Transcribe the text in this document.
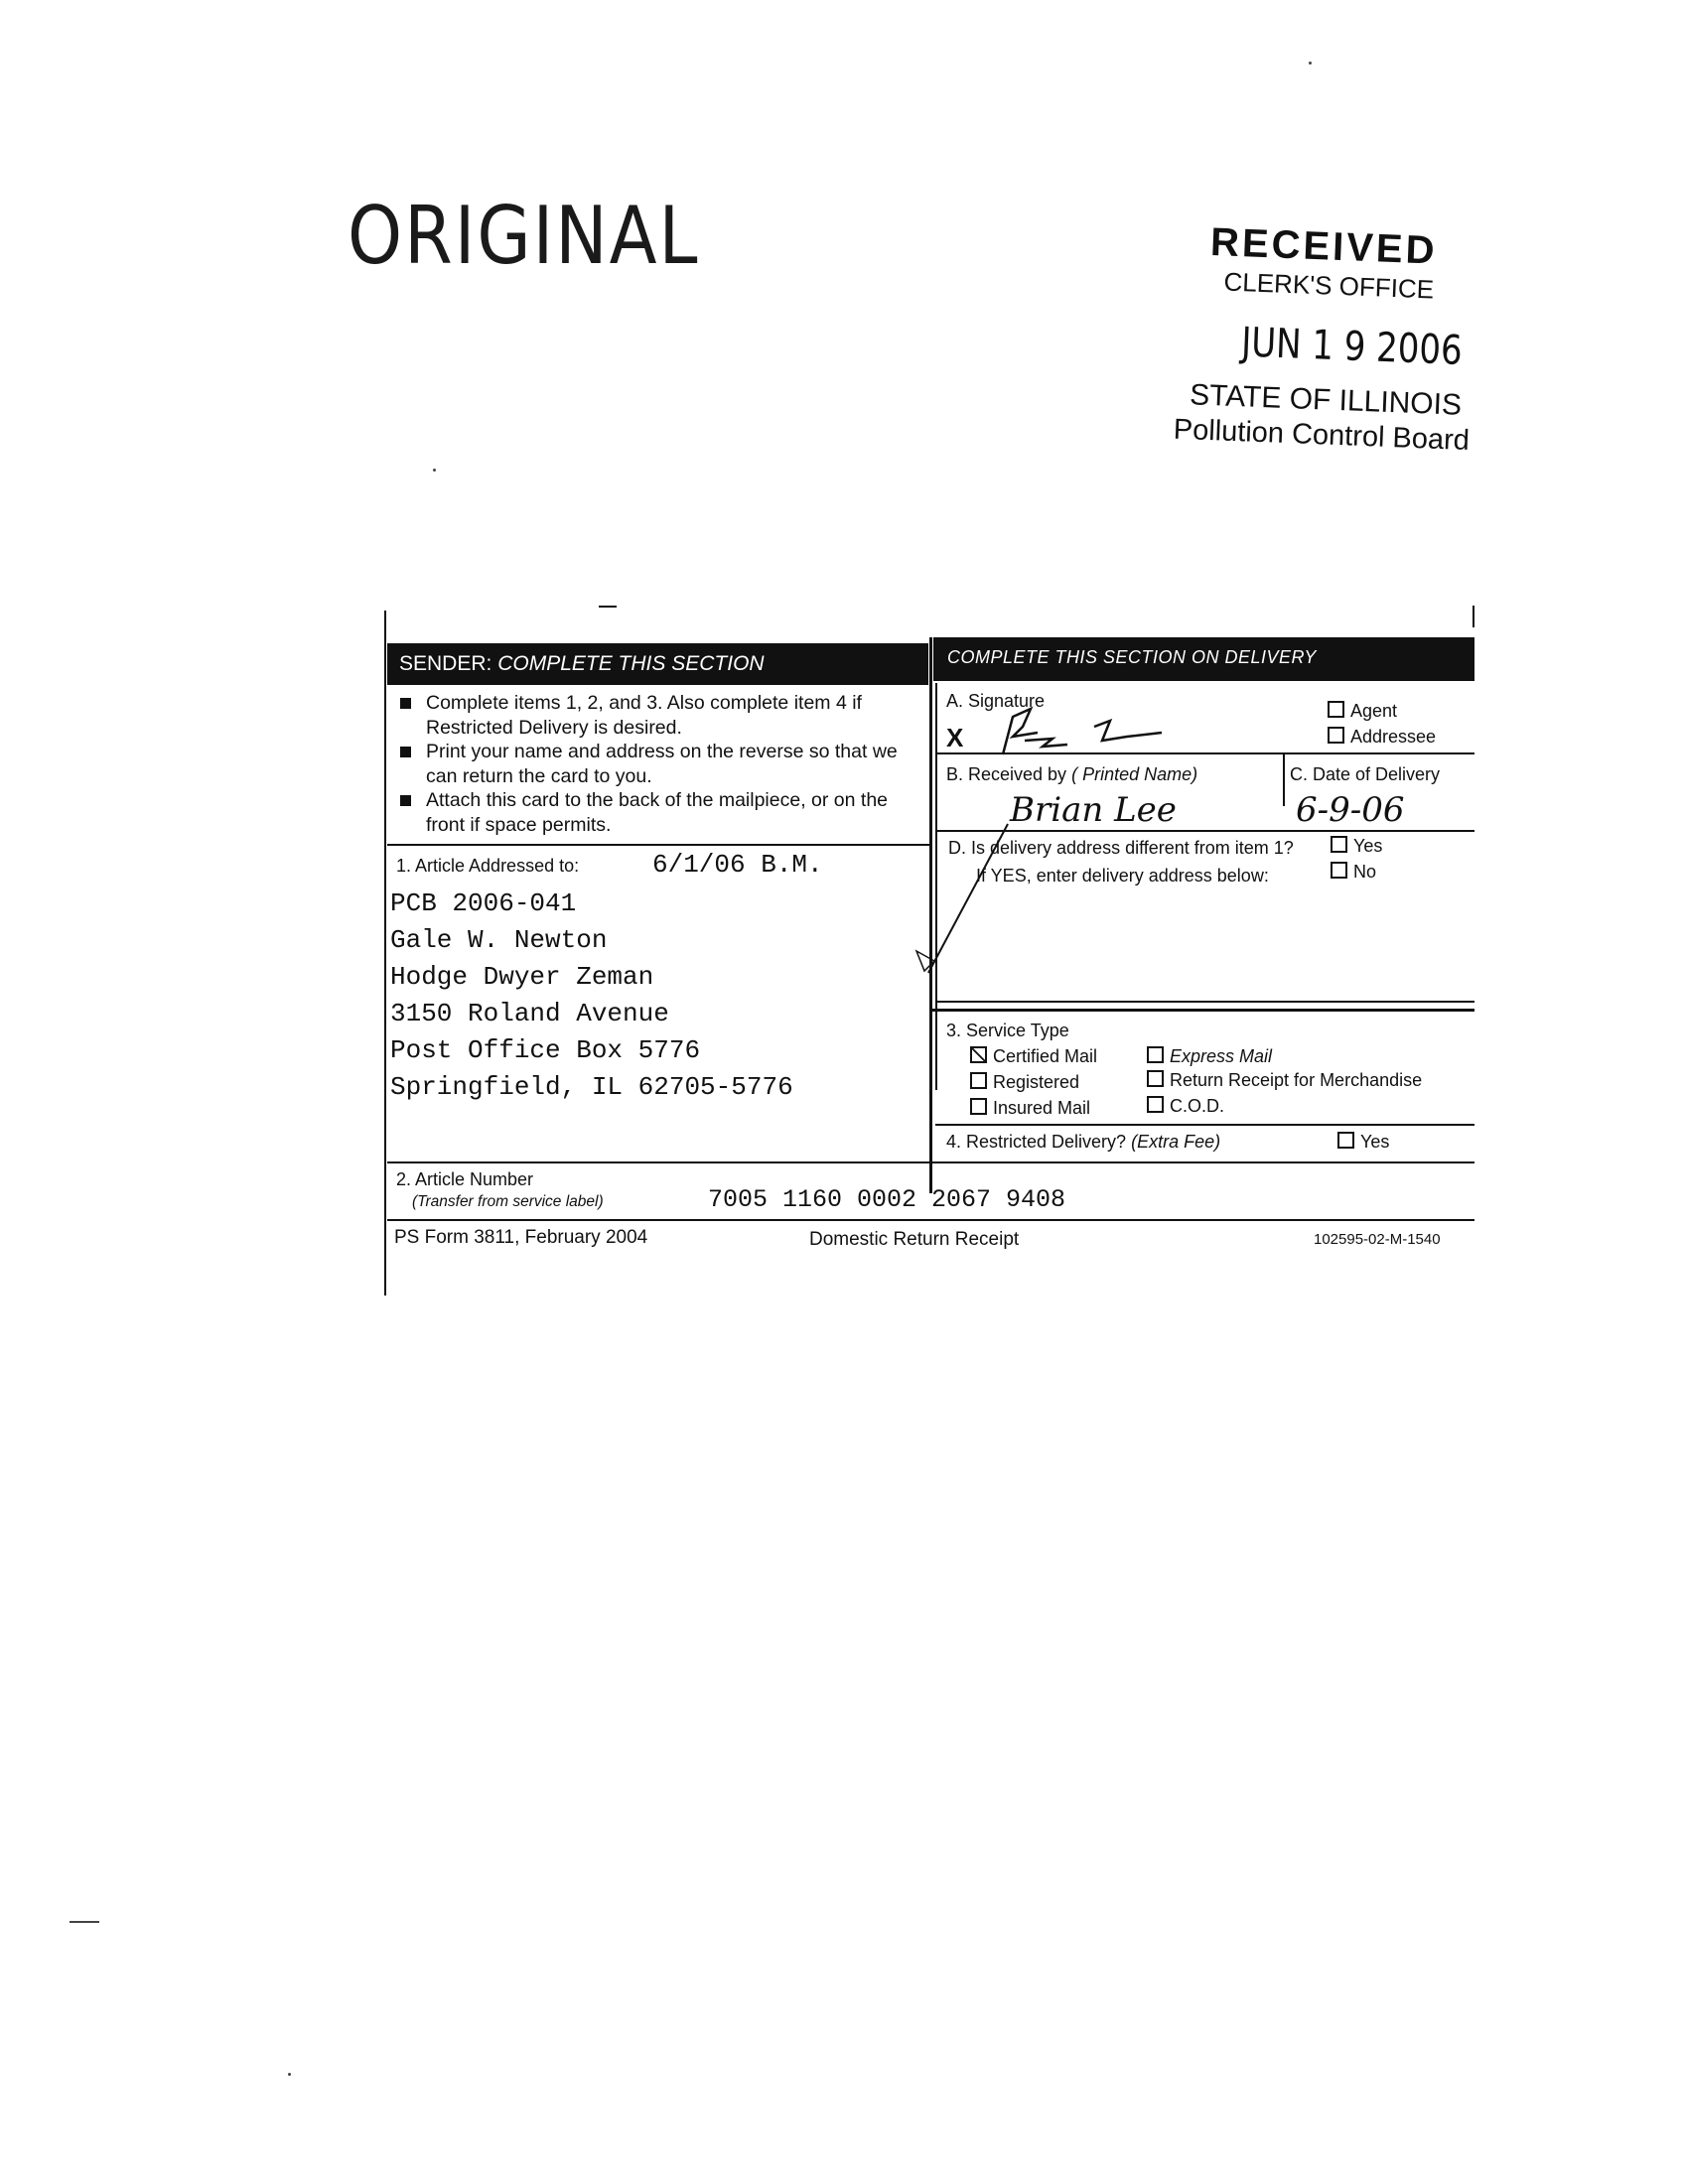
ORIGINAL	RECEIVED
CLERK'S OFFICE
JUN 1 9 2006
STATE OF ILLINOIS
Pollution Control Board
SENDER: COMPLETE THIS SECTION	COMPLETE THIS SECTION ON DELIVERY
Complete items 1, 2, and 3. Also complete item 4 if Restricted Delivery is desired.
Print your name and address on the reverse so that we can return the card to you.
Attach this card to the back of the mailpiece, or on the front if space permits.
1. Article Addressed to:	6/1/06 B.M.
PCB 2006-041
Gale W. Newton
Hodge Dwyer Zeman
3150 Roland Avenue
Post Office Box 5776
Springfield, IL 62705-5776
A. Signature
X
Agent
Addressee
B. Received by ( Printed Name)
Brian Lee
C. Date of Delivery
6-9-06
D. Is delivery address different from item 1?
If YES, enter delivery address below:
Yes
No
3. Service Type
Certified Mail	Express Mail
Registered	Return Receipt for Merchandise
Insured Mail	C.O.D.
4. Restricted Delivery? (Extra Fee)	Yes
2. Article Number
(Transfer from service label)	7005 1160 0002 2067 9408
PS Form 3811, February 2004	Domestic Return Receipt	102595-02-M-1540
